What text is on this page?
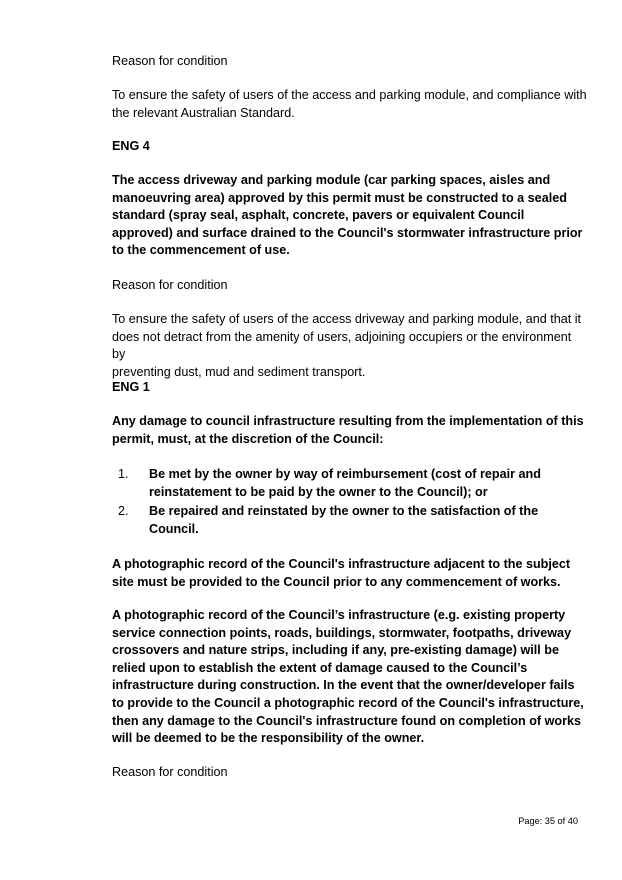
Reason for condition

To ensure the safety of users of the access and parking module, and compliance with
the relevant Australian Standard.

ENG 4

The access driveway and parking module (car parking spaces, aisles and
manoeuvring area) approved by this permit must be constructed to a sealed
standard (spray seal, asphalt, concrete, pavers or equivalent Council
approved) and surface drained to the Council's stormwater infrastructure prior
to the commencement of use.

Reason for condition

To ensure the safety of users of the access driveway and parking module, and that it
does not detract from the amenity of users, adjoining occupiers or the environment by
preventing dust, mud and sediment transport.

ENG 1

Any damage to council infrastructure resulting from the implementation of this
permit, must, at the discretion of the Council:

1. Be met by the owner by way of reimbursement (cost of repair and
reinstatement to be paid by the owner to the Council); or
2. Be repaired and reinstated by the owner to the satisfaction of the
Council.

A photographic record of the Council's infrastructure adjacent to the subject
site must be provided to the Council prior to any commencement of works.

A photographic record of the Council’s infrastructure (e.g. existing property
service connection points, roads, buildings, stormwater, footpaths, driveway
crossovers and nature strips, including if any, pre-existing damage) will be
relied upon to establish the extent of damage caused to the Council’s
infrastructure during construction. In the event that the owner/developer fails
to provide to the Council a photographic record of the Council's infrastructure,
then any damage to the Council's infrastructure found on completion of works
will be deemed to be the responsibility of the owner.

Reason for condition

Page: 35 of 40
